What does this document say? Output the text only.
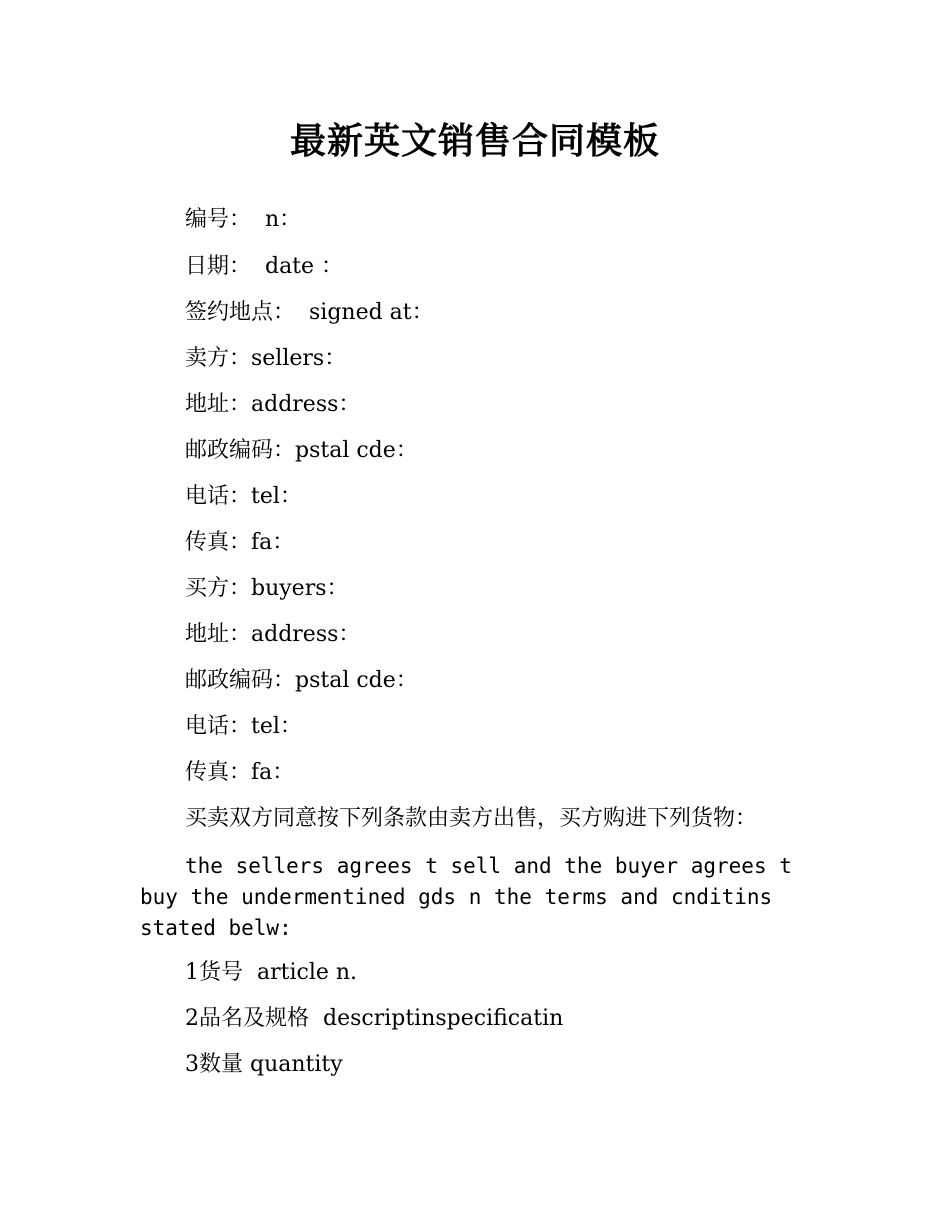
最新英文销售合同模板
编号：  n：
日期：  date ：
签约地点：  signed at：
卖方：sellers：
地址：address：
邮政编码：pstal cde：
电话：tel：
传真：fa：
买方：buyers：
地址：address：
邮政编码：pstal cde：
电话：tel：
传真：fa：
买卖双方同意按下列条款由卖方出售，买方购进下列货物：
the sellers agrees t sell and the buyer agrees t buy the undermentined gds n the terms and cnditins stated belw:
1货号  article n.
2品名及规格  descriptinspecificatin
3数量 quantity
